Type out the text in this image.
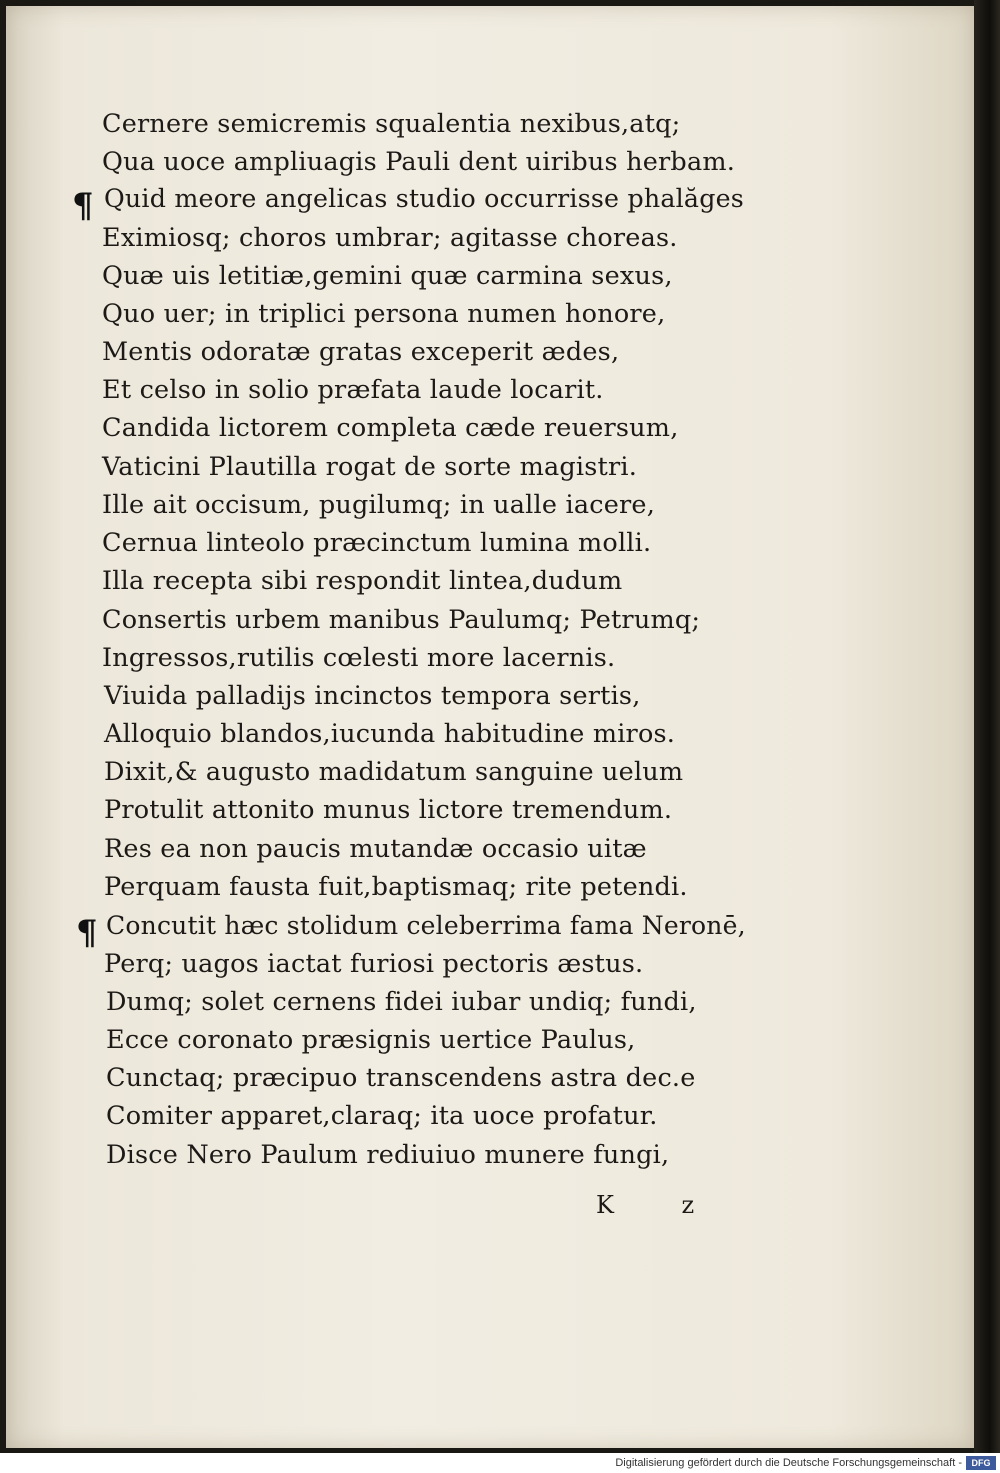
Cernere semicremis squalentia nexibus,atq;
Qua uoce ampliuagis Pauli dent uiribus herbam.
¶ Quid meore angelicas studio occurrisse phalăges
Eximiosq; choros umbrar; agitasse choreas.
Quæ uis letitiæ,gemini quæ carmina sexus,
Quo uer; in triplici persona numen honore,
Mentis odoratæ gratas exceperit ædes,
Et celso in solio præfata laude locarit.
Candida lictorem completa cæde reuersum,
Vaticini Plautilla rogat de sorte magistri.
Ille ait occisum, pugilumq; in ualle iacere,
Cernua linteolo præcinctum lumina molli.
Illa recepta sibi respondit lintea,dudum
Consertis urbem manibus Paulumq; Petrumq;
Ingressos,rutilis cœlesti more lacernis.
Viuida palladijs incinctos tempora sertis,
Alloquio blandos,iucunda habitudine miros.
Dixit,& augusto madidatum sanguine uelum
Protulit attonito munus lictore tremendum.
Res ea non paucis mutandæ occasio uitæ
Perquam fausta fuit,baptismaq; rite petendi.
¶ Concutit hæc stolidum celeberrima fama Neronē,
Perq; uagos iactat furiosi pectoris æstus.
Dumq; solet cernens fidei iubar undiq; fundi,
Ecce coronato præsignis uertice Paulus,
Cunctaq; præcipuo transcendens astra dec.e
Comiter apparet,claraq; ita uoce profatur.
Disce Nero Paulum rediuiuo munere fungi,
K z
Digitalisierung gefördert durch die Deutsche Forschungsgemeinschaft -	DFG
